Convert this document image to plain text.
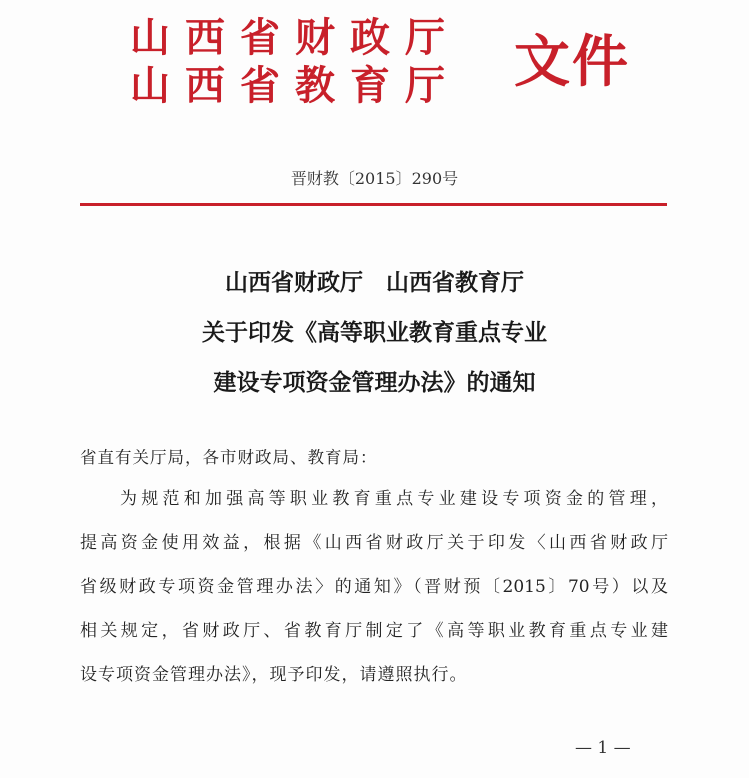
山西省财政厅
山西省教育厅 文件
晋财教〔2015〕290号
山西省财政厅　山西省教育厅
关于印发《高等职业教育重点专业
建设专项资金管理办法》的通知
省直有关厅局，各市财政局、教育局：
为规范和加强高等职业教育重点专业建设专项资金的管理，
提高资金使用效益，根据《山西省财政厅关于印发〈山西省财政厅
省级财政专项资金管理办法〉的通知》（晋财预〔2015〕70号）以及
相关规定，省财政厅、省教育厅制定了《高等职业教育重点专业建
设专项资金管理办法》，现予印发，请遵照执行。
— 1 —
